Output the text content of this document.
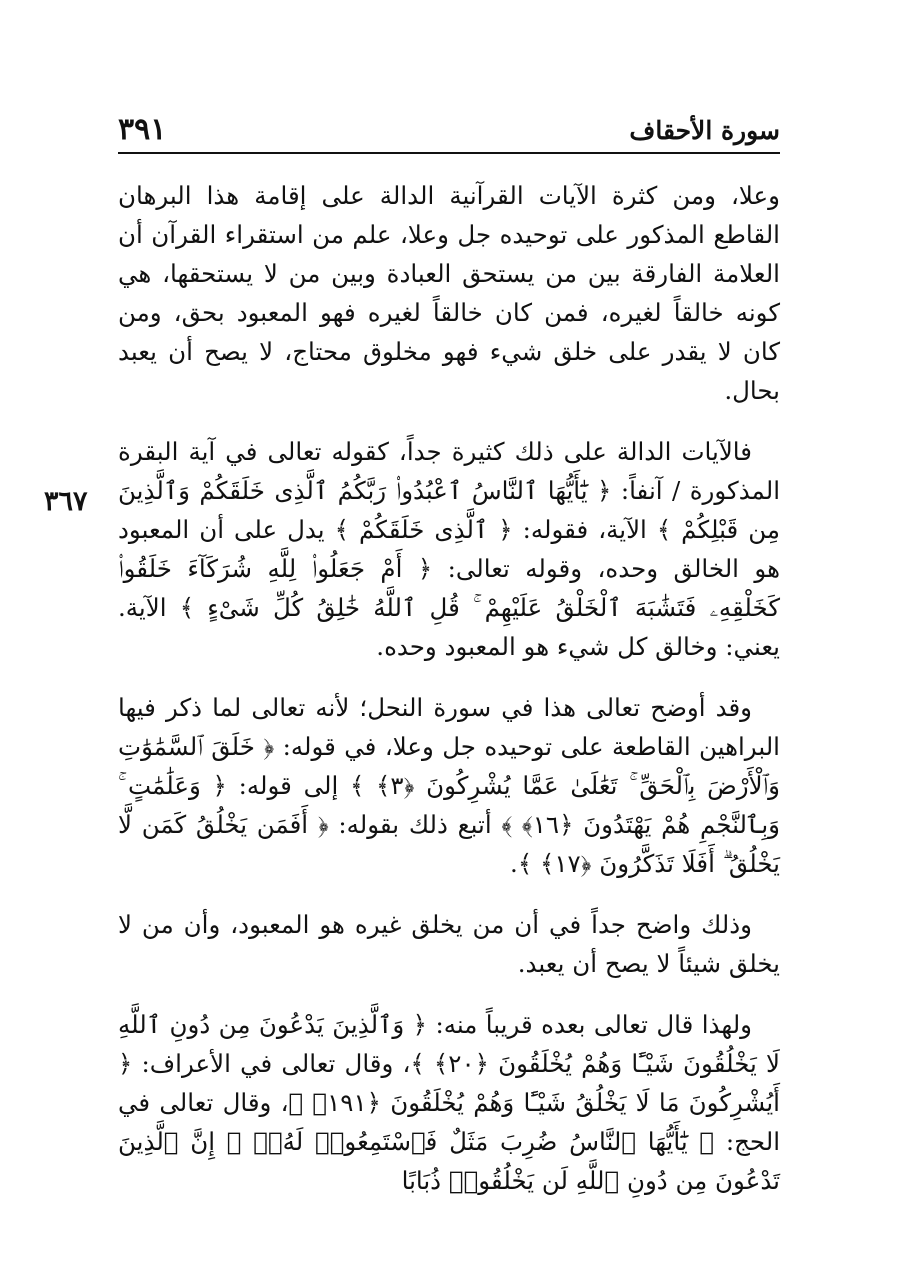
سورة الأحقاف
٣٩١
٣٦٧

وعلا، ومن كثرة الآيات القرآنية الدالة على إقامة هذا البرهان القاطع المذكور على توحيده جل وعلا، علم من استقراء القرآن أن العلامة الفارقة بين من يستحق العبادة وبين من لا يستحقها، هي كونه خالقاً لغيره، فمن كان خالقاً لغيره فهو المعبود بحق، ومن كان لا يقدر على خلق شيء فهو مخلوق محتاج، لا يصح أن يعبد بحال.

فالآيات الدالة على ذلك كثيرة جداً، كقوله تعالى في آية البقرة المذكورة / آنفاً: ﴿ يَٰٓأَيُّهَا ٱلنَّاسُ ٱعْبُدُوا۟ رَبَّكُمُ ٱلَّذِى خَلَقَكُمْ وَٱلَّذِينَ مِن قَبْلِكُمْ ﴾ الآية، فقوله: ﴿ ٱلَّذِى خَلَقَكُمْ ﴾ يدل على أن المعبود هو الخالق وحده، وقوله تعالى: ﴿ أَمْ جَعَلُوا۟ لِلَّهِ شُرَكَآءَ خَلَقُوا۟ كَخَلْقِهِۦ فَتَشَٰبَهَ ٱلْخَلْقُ عَلَيْهِمْ ۚ قُلِ ٱللَّهُ خَٰلِقُ كُلِّ شَىْءٍ ﴾ الآية. يعني: وخالق كل شيء هو المعبود وحده.

وقد أوضح تعالى هذا في سورة النحل؛ لأنه تعالى لما ذكر فيها البراهين القاطعة على توحيده جل وعلا، في قوله: ﴿ خَلَقَ ٱلسَّمَٰوَٰتِ وَٱلْأَرْضَ بِٱلْحَقِّ ۚ تَعَٰلَىٰ عَمَّا يُشْرِكُونَ ﴿٣﴾ ﴾ إلى قوله: ﴿ وَعَلَٰمَٰتٍ ۚ وَبِٱلنَّجْمِ هُمْ يَهْتَدُونَ ﴿١٦﴾ ﴾ أتبع ذلك بقوله: ﴿ أَفَمَن يَخْلُقُ كَمَن لَّا يَخْلُقُ ۗ أَفَلَا تَذَكَّرُونَ ﴿١٧﴾ ﴾.

وذلك واضح جداً في أن من يخلق غيره هو المعبود، وأن من لا يخلق شيئاً لا يصح أن يعبد.

ولهذا قال تعالى بعده قريباً منه: ﴿ وَٱلَّذِينَ يَدْعُونَ مِن دُونِ ٱللَّهِ لَا يَخْلُقُونَ شَيْـًٔا وَهُمْ يُخْلَقُونَ ﴿٢٠﴾ ﴾، وقال تعالى في الأعراف: ﴿ أَيُشْرِكُونَ مَا لَا يَخْلُقُ شَيْـًٔا وَهُمْ يُخْلَقُونَ ﴿١٩١﴾ ﴾، وقال تعالى في الحج: ﴿ يَٰٓأَيُّهَا ٱلنَّاسُ ضُرِبَ مَثَلٌ فَٱسْتَمِعُوا۟ لَهُۥٓ ۚ إِنَّ ٱلَّذِينَ تَدْعُونَ مِن دُونِ ٱللَّهِ لَن يَخْلُقُوا۟ ذُبَابًا
